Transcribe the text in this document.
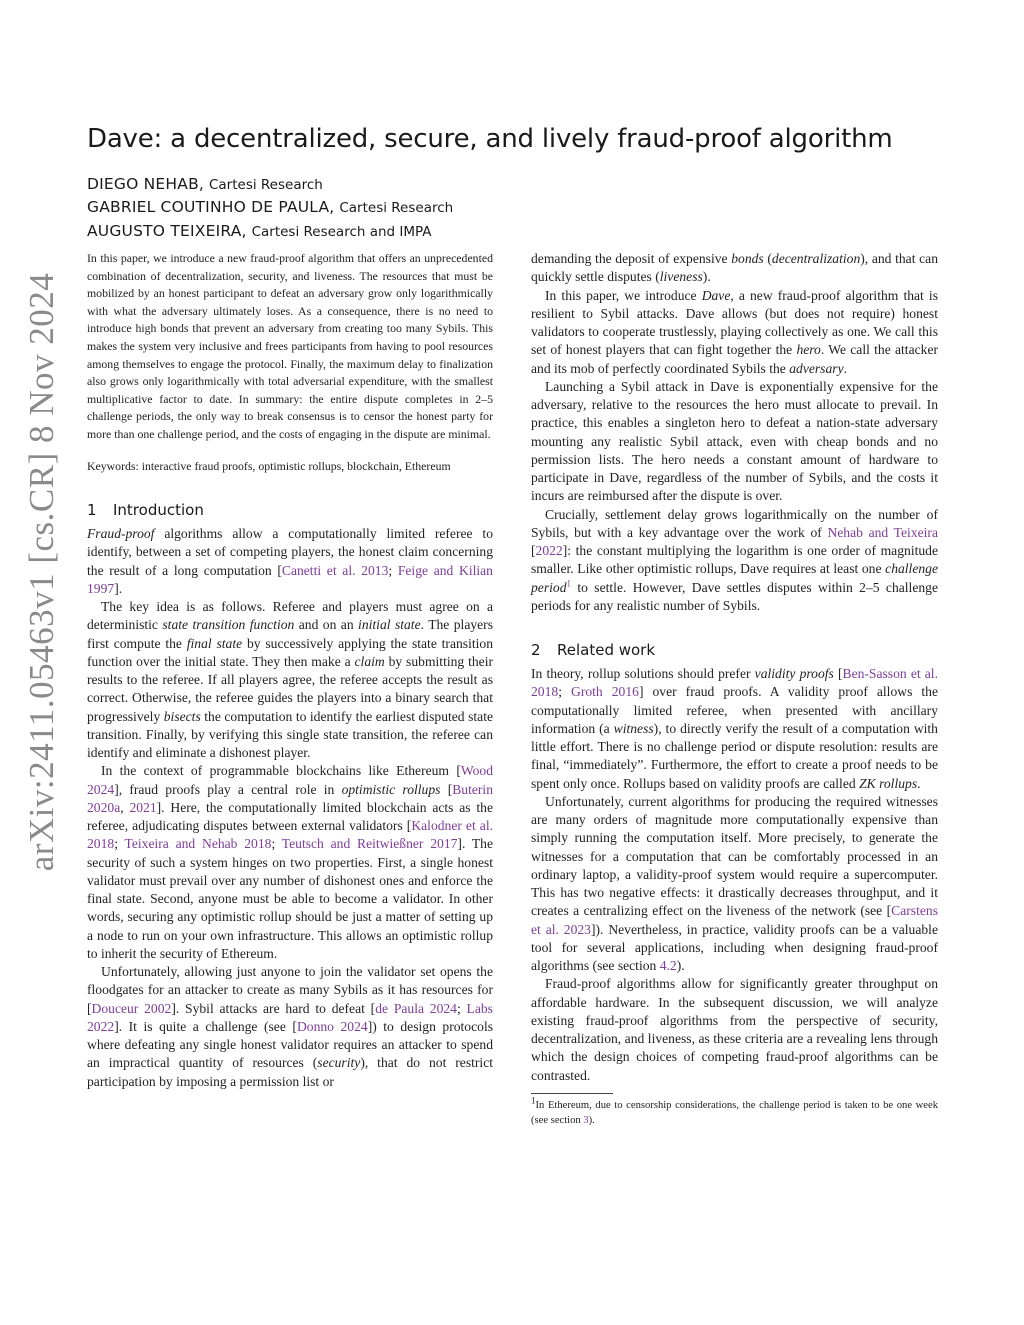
arXiv:2411.05463v1 [cs.CR] 8 Nov 2024
Dave: a decentralized, secure, and lively fraud-proof algorithm
DIEGO NEHAB, Cartesi Research
GABRIEL COUTINHO DE PAULA, Cartesi Research
AUGUSTO TEIXEIRA, Cartesi Research and IMPA

In this paper, we introduce a new fraud-proof algorithm that offers an unprecedented combination of decentralization, security, and liveness. The resources that must be mobilized by an honest participant to defeat an adversary grow only logarithmically with what the adversary ultimately loses. As a consequence, there is no need to introduce high bonds that prevent an adversary from creating too many Sybils. This makes the system very inclusive and frees participants from having to pool resources among themselves to engage the protocol. Finally, the maximum delay to finalization also grows only logarithmically with total adversarial expenditure, with the smallest multiplicative factor to date. In summary: the entire dispute completes in 2–5 challenge periods, the only way to break consensus is to censor the honest party for more than one challenge period, and the costs of engaging in the dispute are minimal.

Keywords: interactive fraud proofs, optimistic rollups, blockchain, Ethereum

1 Introduction

Fraud-proof algorithms allow a computationally limited referee to identify, between a set of competing players, the honest claim concerning the result of a long computation [Canetti et al. 2013; Feige and Kilian 1997].

The key idea is as follows. Referee and players must agree on a deterministic state transition function and on an initial state. The players first compute the final state by successively applying the state transition function over the initial state. They then make a claim by submitting their results to the referee. If all players agree, the referee accepts the result as correct. Otherwise, the referee guides the players into a binary search that progressively bisects the computation to identify the earliest disputed state transition. Finally, by verifying this single state transition, the referee can identify and eliminate a dishonest player.

In the context of programmable blockchains like Ethereum [Wood 2024], fraud proofs play a central role in optimistic rollups [Buterin 2020a, 2021]. Here, the computationally limited blockchain acts as the referee, adjudicating disputes between external validators [Kalodner et al. 2018; Teixeira and Nehab 2018; Teutsch and Reitwießner 2017]. The security of such a system hinges on two properties. First, a single honest validator must prevail over any number of dishonest ones and enforce the final state. Second, anyone must be able to become a validator. In other words, securing any optimistic rollup should be just a matter of setting up a node to run on your own infrastructure. This allows an optimistic rollup to inherit the security of Ethereum.

Unfortunately, allowing just anyone to join the validator set opens the floodgates for an attacker to create as many Sybils as it has resources for [Douceur 2002]. Sybil attacks are hard to defeat [de Paula 2024; Labs 2022]. It is quite a challenge (see [Donno 2024]) to design protocols where defeating any single honest validator requires an attacker to spend an impractical quantity of resources (security), that do not restrict participation by imposing a permission list or

demanding the deposit of expensive bonds (decentralization), and that can quickly settle disputes (liveness).

In this paper, we introduce Dave, a new fraud-proof algorithm that is resilient to Sybil attacks. Dave allows (but does not require) honest validators to cooperate trustlessly, playing collectively as one. We call this set of honest players that can fight together the hero. We call the attacker and its mob of perfectly coordinated Sybils the adversary.

Launching a Sybil attack in Dave is exponentially expensive for the adversary, relative to the resources the hero must allocate to prevail. In practice, this enables a singleton hero to defeat a nation-state adversary mounting any realistic Sybil attack, even with cheap bonds and no permission lists. The hero needs a constant amount of hardware to participate in Dave, regardless of the number of Sybils, and the costs it incurs are reimbursed after the dispute is over.

Crucially, settlement delay grows logarithmically on the number of Sybils, but with a key advantage over the work of Nehab and Teixeira [2022]: the constant multiplying the logarithm is one order of magnitude smaller. Like other optimistic rollups, Dave requires at least one challenge period$^1$ to settle. However, Dave settles disputes within 2–5 challenge periods for any realistic number of Sybils.

2 Related work

In theory, rollup solutions should prefer validity proofs [Ben-Sasson et al. 2018; Groth 2016] over fraud proofs. A validity proof allows the computationally limited referee, when presented with ancillary information (a witness), to directly verify the result of a computation with little effort. There is no challenge period or dispute resolution: results are final, “immediately”. Furthermore, the effort to create a proof needs to be spent only once. Rollups based on validity proofs are called ZK rollups.

Unfortunately, current algorithms for producing the required witnesses are many orders of magnitude more computationally expensive than simply running the computation itself. More precisely, to generate the witnesses for a computation that can be comfortably processed in an ordinary laptop, a validity-proof system would require a supercomputer. This has two negative effects: it drastically decreases throughput, and it creates a centralizing effect on the liveness of the network (see [Carstens et al. 2023]). Nevertheless, in practice, validity proofs can be a valuable tool for several applications, including when designing fraud-proof algorithms (see section 4.2).

Fraud-proof algorithms allow for significantly greater throughput on affordable hardware. In the subsequent discussion, we will analyze existing fraud-proof algorithms from the perspective of security, decentralization, and liveness, as these criteria are a revealing lens through which the design choices of competing fraud-proof algorithms can be contrasted.

$^1$In Ethereum, due to censorship considerations, the challenge period is taken to be one week (see section 3).
